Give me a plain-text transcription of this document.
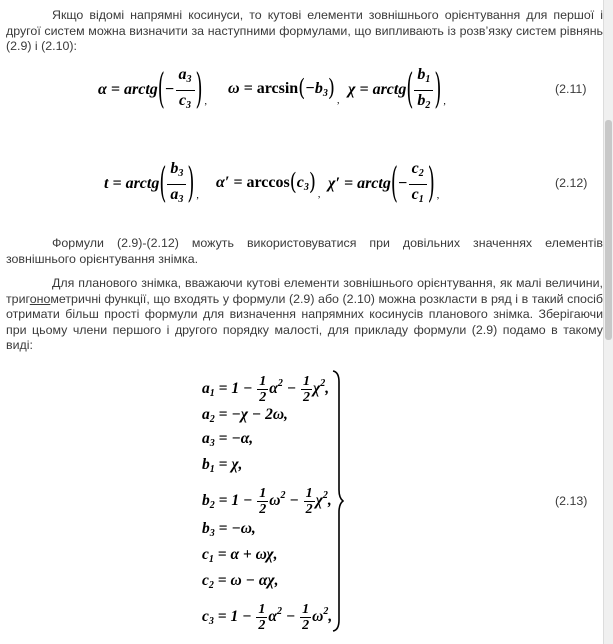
Якщо відомі напрямні косинуси, то кутові елементи зовнішнього орієнтування для першої і другої систем можна визначити за наступними формулами, що випливають із розв’язку систем рівнянь (2.9) і (2.10):

α = arctg(− $\frac{a_3}{c_3}$ ) $_,$
$\omega = \arcsin(-b_3)$ $_,$
χ = arctg( $\frac{b_1}{b_2}$ ) $_,$
(2.11)
t = arctg( $\frac{b_3}{a_3}$ ) $_,$
$\alpha' = \arccos(c_3)$ $_,$
χ′ = arctg(− $\frac{c_2}{c_1}$ ) $_,$
(2.12)

Формули (2.9)-(2.12) можуть використовуватися при довільних значеннях елементів зовнішнього орієнтування знімка.

Для планового знімка, вважаючи кутові елементи зовнішнього орієнтування, як малі величини, тригонометричні функції, що входять у формули (2.9) або (2.10) можна розкласти в ряд і в такий спосіб отримати більш прості формули для визначення напрямних косинусів планового знімка. Зберігаючи при цьому члени першого і другого порядку малості, для прикладу формули (2.9) подамо в такому виді:

$a_1 = 1 - \frac{1}{2} \alpha^2 - \frac{1}{2} \chi^2$,
$a_2 = -\chi - 2\omega$,
$a_3 = -\alpha$,
$b_1 = \chi$,
$b_2 = 1 - \frac{1}{2} \omega^2 - \frac{1}{2} \chi^2$,
$b_3 = -\omega$,
$c_1 = \alpha + \omega\chi$,
$c_2 = \omega - \alpha\chi$,
$c_3 = 1 - \frac{1}{2} \alpha^2 - \frac{1}{2} \omega^2$,
(2.13)
